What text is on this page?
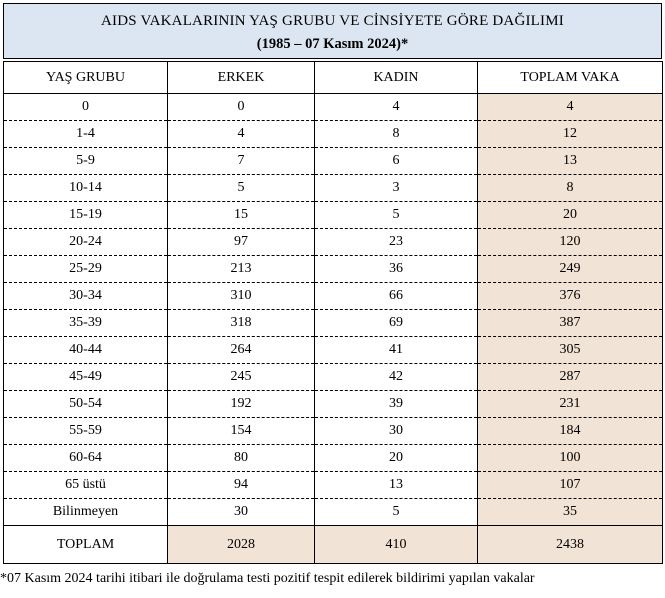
AIDS VAKALARININ YAŞ GRUBU VE CİNSİYETE GÖRE DAĞILIMI
(1985 – 07 Kasım 2024)*
YAŞ GRUBU	ERKEK	KADIN	TOPLAM VAKA
0	0	4	4
1-4	4	8	12
5-9	7	6	13
10-14	5	3	8
15-19	15	5	20
20-24	97	23	120
25-29	213	36	249
30-34	310	66	376
35-39	318	69	387
40-44	264	41	305
45-49	245	42	287
50-54	192	39	231
55-59	154	30	184
60-64	80	20	100
65 üstü	94	13	107
Bilinmeyen	30	5	35
TOPLAM	2028	410	2438
*07 Kasım 2024 tarihi itibari ile doğrulama testi pozitif tespit edilerek bildirimi yapılan vakalar
